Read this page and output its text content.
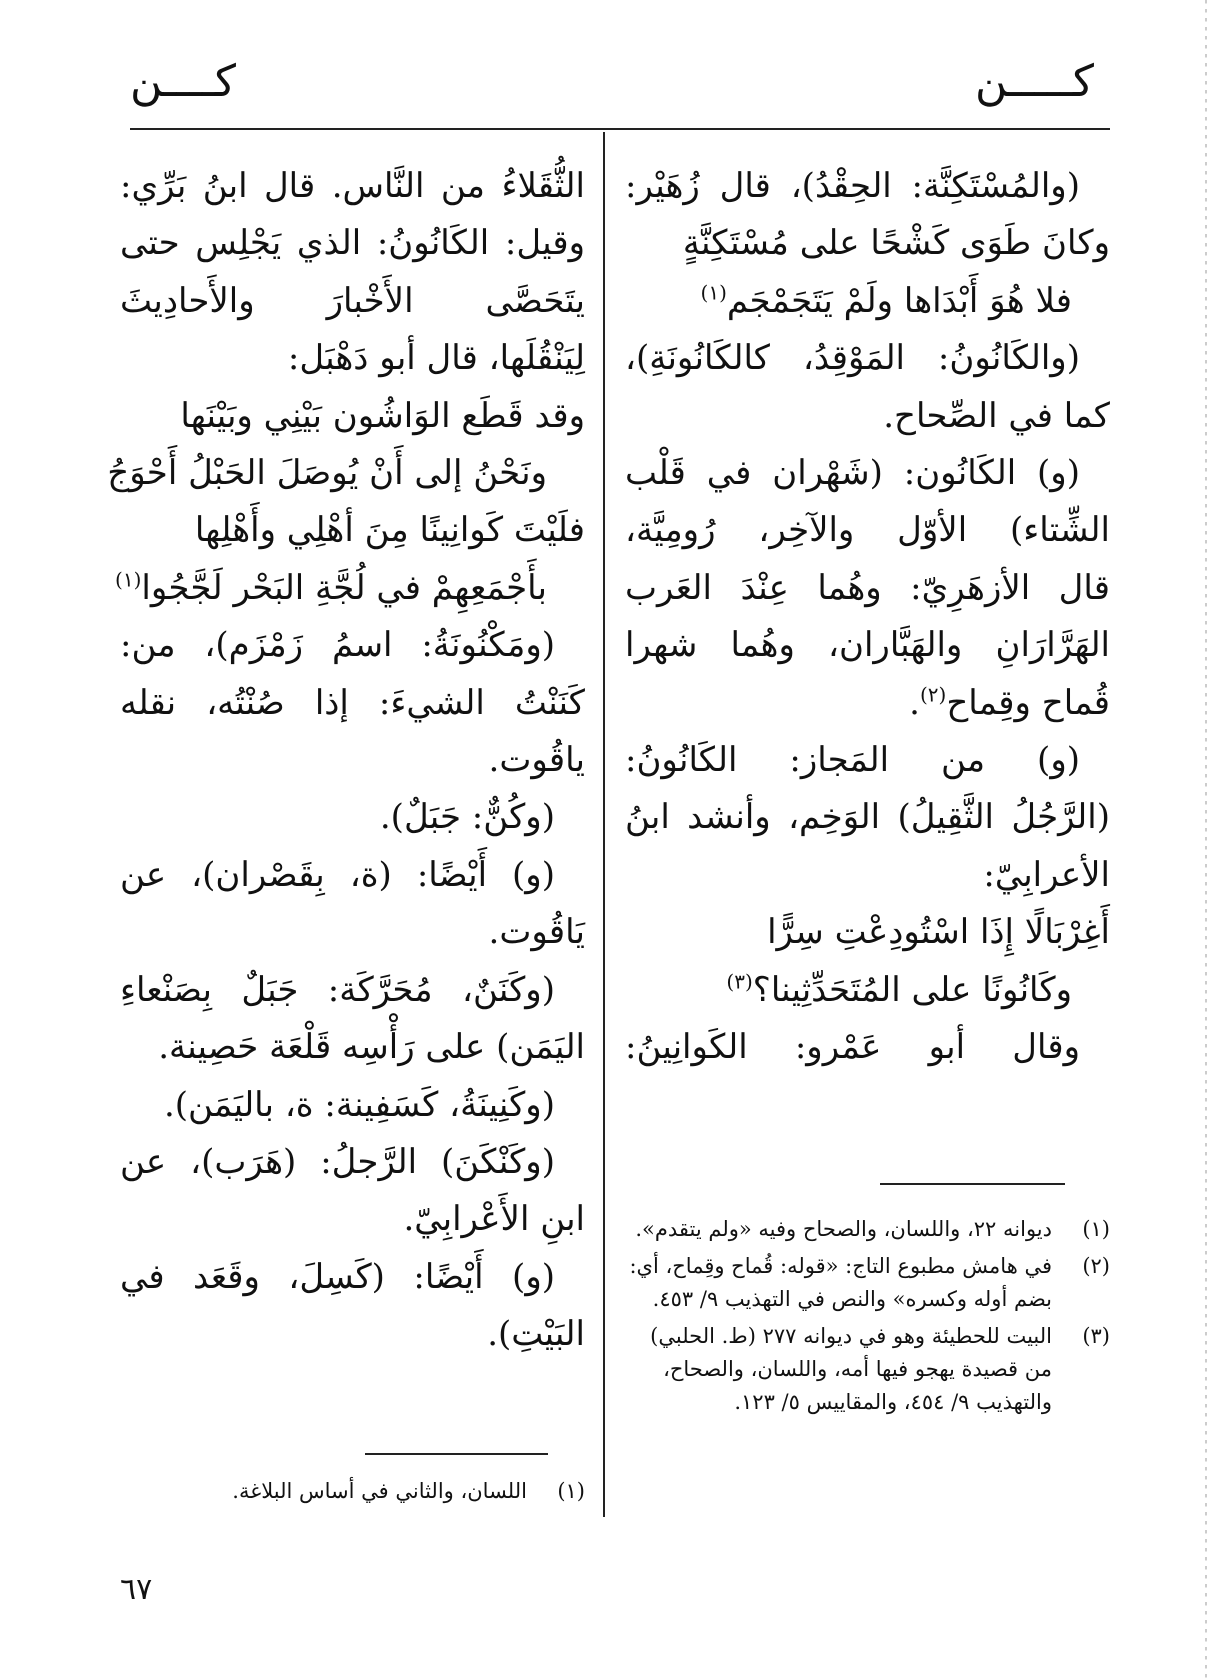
كــــن	كـــــن
(والمُسْتَكِنَّة: الحِقْدُ)، قال زُهَيْر:
وكانَ طَوَى كَشْحًا على مُسْتَكِنَّةٍ
فلا هُوَ أَبْدَاها ولَمْ يَتَجَمْجَم$^{(١)}$
(والكَانُونُ: المَوْقِدُ، كالكَانُونَةِ)،
كما في الصِّحاح.
(و) الكَانُون: (شَهْران في قَلْب
الشِّتاء) الأوّل والآخِر، رُومِيَّة،
قال الأزهَرِيّ: وهُما عِنْدَ العَرب
الهَرَّارَانِ والهَبَّاران، وهُما شهرا
قُماح وقِماح$^{(٢)}$.
(و) من المَجاز: الكَانُونُ:
(الرَّجُلُ الثَّقِيلُ) الوَخِم، وأنشد ابنُ
الأعرابِيّ:
أَغِرْبَالًا إِذَا اسْتُودِعْتِ سِرًّا
وكَانُونًا على المُتَحَدِّثِينا؟$^{(٣)}$
وقال أبو عَمْرو: الكَوانِينُ:
الثُّقَلاءُ من النَّاس. قال ابنُ بَرِّي:
وقيل: الكَانُونُ: الذي يَجْلِس حتى
يتَحَصَّى الأَخْبارَ والأَحادِيثَ
لِيَنْقُلَها، قال أبو دَهْبَل:
وقد قَطَع الوَاشُون بَيْنِي وبَيْنَها
ونَحْنُ إلى أَنْ يُوصَلَ الحَبْلُ أَحْوَجُ
فلَيْتَ كَوانِينًا مِنَ أهْلِي وأَهْلِها
بأَجْمَعِهِمْ في لُجَّةِ البَحْر لَجَّجُوا$^{(١)}$
(ومَكْنُونَةُ: اسمُ زَمْزَم)، من:
كَنَنْتُ الشيءَ: إذا صُنْتُه، نقله
ياقُوت.
(وكُنٌّ: جَبَلٌ).
(و) أَيْضًا: (ة، بِقَصْران)، عن
يَاقُوت.
(وكَنَنٌ، مُحَرَّكَة: جَبَلٌ بِصَنْعاءِ
اليَمَن) على رَأْسِه قَلْعَة حَصِينة.
(وكَنِينَةُ، كَسَفِينة: ة، باليَمَن).
(وكَنْكَنَ) الرَّجلُ: (هَرَب)، عن
ابنِ الأَعْرابِيّ.
(و) أَيْضًا: (كَسِلَ، وقَعَد في
البَيْتِ).
(١)
ديوانه ٢٢، واللسان، والصحاح وفيه «ولم يتقدم».
(٢)
في هامش مطبوع التاج: «قوله: قُماح وقِماح، أي: بضم أوله وكسره» والنص في التهذيب ٩/ ٤٥٣.
(٣)
البيت للحطيئة وهو في ديوانه ٢٧٧ (ط. الحلبي) من قصيدة يهجو فيها أمه، واللسان، والصحاح، والتهذيب ٩/ ٤٥٤، والمقاييس ٥/ ١٢٣.
(١)
اللسان، والثاني في أساس البلاغة.
٦٧
